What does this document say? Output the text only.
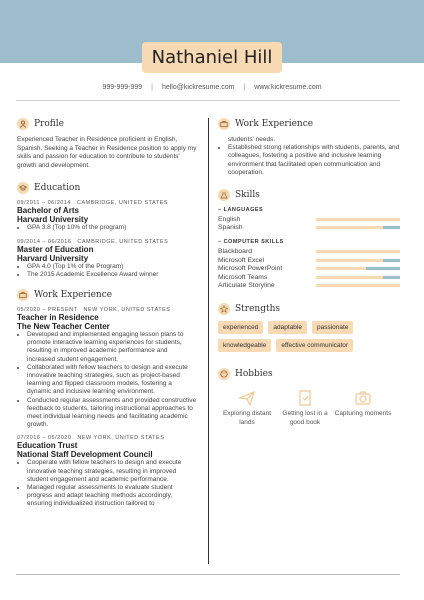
Nathaniel Hill
999-999-999 | hello@kickresume.com | www.kickresume.com
Profile

Experienced Teacher in Residence proficient in English, Spanish. Seeking a Teacher in Residence position to apply my skills and passion for education to contribute to students' growth and development.

Education
09/2011 – 06/2014 CAMBRIDGE, UNITED STATES
Bachelor of Arts
Harvard University
• GPA 3.8 (Top 10% of the program)
09/2014 – 06/2016 CAMBRIDGE, UNITED STATES
Master of Education
Harvard University
• GPA 4.0 (Top 1% of the Program)
• The 2015 Academic Excellence Award winner
Work Experience
05/2020 – PRESENT NEW YORK, UNITED STATES
Teacher in Residence
The New Teacher Center
• Developed and implemented engaging lesson plans to promote interactive learning experiences for students, resulting in improved academic performance and increased student engagement.
• Collaborated with fellow teachers to design and execute innovative teaching strategies, such as project-based learning and flipped classroom models, fostering a dynamic and inclusive learning environment.
• Conducted regular assessments and provided constructive feedback to students, tailoring instructional approaches to meet individual learning needs and facilitating academic growth.
07/2016 – 05/2020 NEW YORK, UNITED STATES
Education Trust
National Staff Development Council
• Cooperate with fellow teachers to design and execute innovative teaching strategies, resulting in improved student engagement and academic performance.
• Managed regular assessments to evaluate student progress and adapt teaching methods accordingly, ensuring individualized instruction tailored to
Work Experience
students' needs.
• Established strong relationships with students, parents, and colleagues, fostering a positive and inclusive learning environment that facilitated open communication and cooperation.
Skills
– LANGUAGES
English
Spanish
– COMPUTER SKILLS
Blackboard
Microsoft Excel
Microsoft PowerPoint
Microsoft Teams
Articulate Storyline
Strengths
experienced	adaptable	passionate
knowledgeable	effective communicator
Hobbies
Exploring distant lands
Getting lost in a good book
Capturing moments
